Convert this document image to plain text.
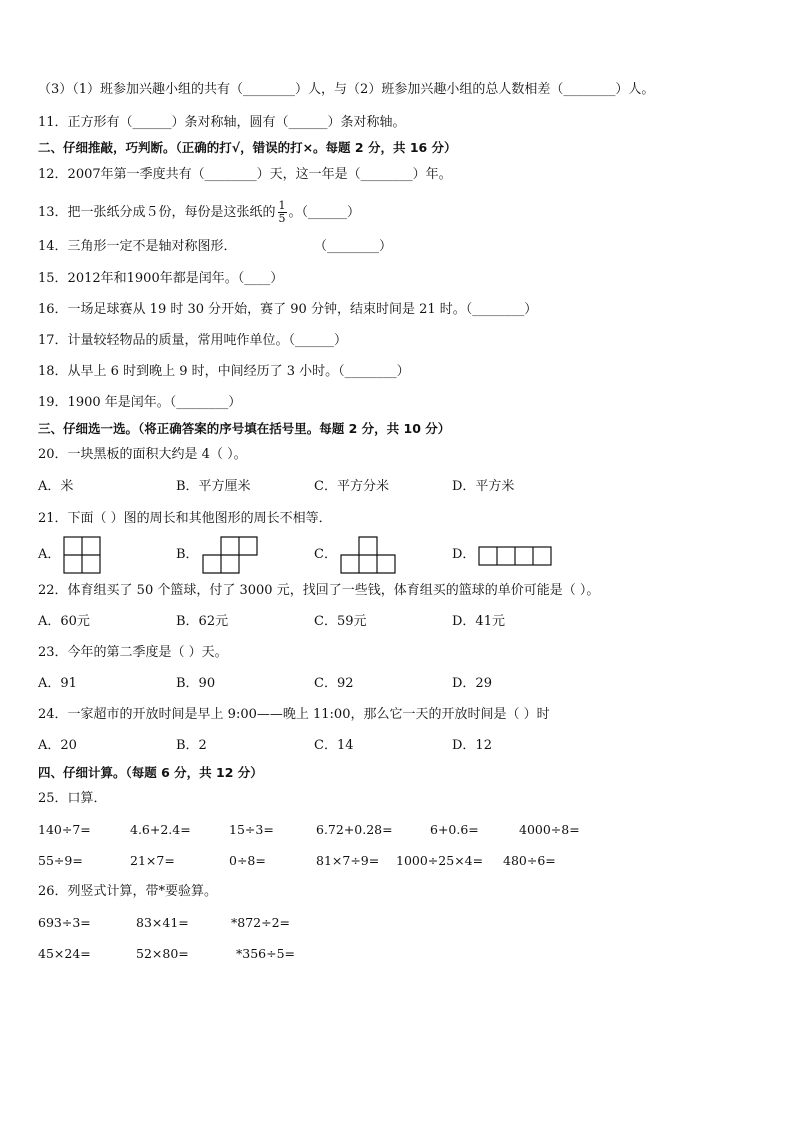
（3）（1）班参加兴趣小组的共有（________）人，与（2）班参加兴趣小组的总人数相差（________）人。
11．正方形有（______）条对称轴，圆有（______）条对称轴。
二、仔细推敲，巧判断。（正确的打√，错误的打×。每题 2 分，共 16 分）
12．2007年第一季度共有（________）天，这一年是（________）年。
13．把一张纸分成５份，每份是这张纸的 $\frac{1}{5}$ 。（______）
14．三角形一定不是轴对称图形．	（________）
15．2012年和1900年都是闰年。（____）
16．一场足球赛从 19 时 30 分开始，赛了 90 分钟，结束时间是 21 时。（________）
17．计量较轻物品的质量，常用吨作单位。（______）
18．从早上 6 时到晚上 9 时，中间经历了 3 小时。（________）
19．1900 年是闰年。（________）
三、仔细选一选。（将正确答案的序号填在括号里。每题 2 分，共 10 分）
20．一块黑板的面积大约是 4（ ）。
A．米	B．平方厘米	C．平方分米	D．平方米
21．下面（ ）图的周长和其他图形的周长不相等．
A．	B．	C．	D．
22．体育组买了 50 个篮球，付了 3000 元，找回了一些钱，体育组买的篮球的单价可能是（ ）。
A．60元	B．62元	C．59元	D．41元
23．今年的第二季度是（ ）天。
A．91	B．90	C．92	D．29
24．一家超市的开放时间是早上 9:00——晚上 11:00，那么它一天的开放时间是（ ）时
A．20	B．2	C．14	D．12
四、仔细计算。（每题 6 分，共 12 分）
25．口算．
140÷7=	4.6+2.4=	15÷3=	6.72+0.28=	6+0.6=	4000÷8=
55÷9=	21×7=	0÷8=	81×7÷9= 1000÷25×4= 480÷6=
26．列竖式计算，带*要验算。
693÷3=	83×41=	*872÷2=
45×24=	52×80=	*356÷5=
